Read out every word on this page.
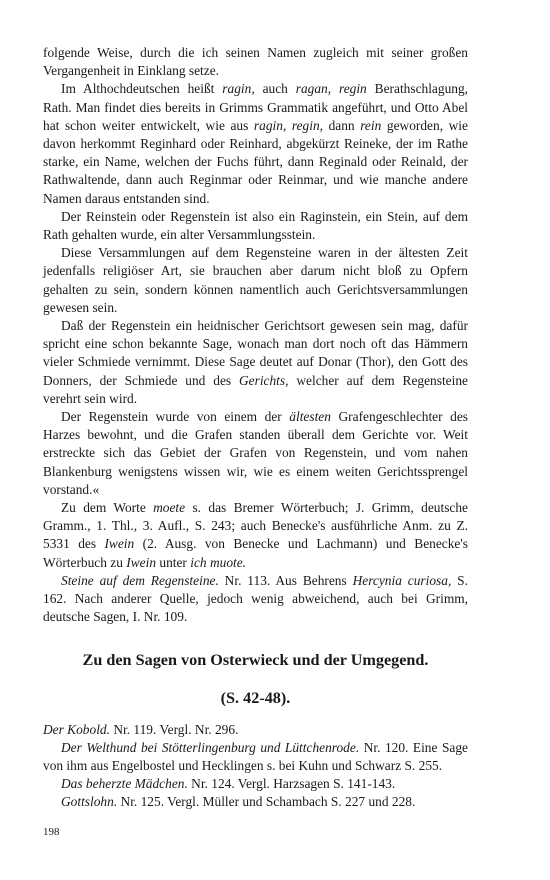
folgende Weise, durch die ich seinen Namen zugleich mit seiner großen Vergangenheit in Einklang setze.

Im Althochdeutschen heißt ragin, auch ragan, regin Berathschlagung, Rath. Man findet dies bereits in Grimms Grammatik angeführt, und Otto Abel hat schon weiter entwickelt, wie aus ragin, regin, dann rein geworden, wie davon herkommt Reginhard oder Reinhard, abgekürzt Reineke, der im Rathe starke, ein Name, welchen der Fuchs führt, dann Reginald oder Reinald, der Rathwaltende, dann auch Reginmar oder Reinmar, und wie manche andere Namen daraus entstanden sind.

Der Reinstein oder Regenstein ist also ein Raginstein, ein Stein, auf dem Rath gehalten wurde, ein alter Versammlungsstein.

Diese Versammlungen auf dem Regensteine waren in der ältesten Zeit jedenfalls religiöser Art, sie brauchen aber darum nicht bloß zu Opfern gehalten zu sein, sondern können namentlich auch Gerichtsversammlungen gewesen sein.

Daß der Regenstein ein heidnischer Gerichtsort gewesen sein mag, dafür spricht eine schon bekannte Sage, wonach man dort noch oft das Hämmern vieler Schmiede vernimmt. Diese Sage deutet auf Donar (Thor), den Gott des Donners, der Schmiede und des Gerichts, welcher auf dem Regensteine verehrt sein wird.

Der Regenstein wurde von einem der ältesten Grafengeschlechter des Harzes bewohnt, und die Grafen standen überall dem Gerichte vor. Weit erstreckte sich das Gebiet der Grafen von Regenstein, und vom nahen Blankenburg wenigstens wissen wir, wie es einem weiten Gerichtssprengel vorstand.«

Zu dem Worte moete s. das Bremer Wörterbuch; J. Grimm, deutsche Gramm., 1. Thl., 3. Aufl., S. 243; auch Benecke's ausführliche Anm. zu Z. 5331 des Iwein (2. Ausg. von Benecke und Lachmann) und Benecke's Wörterbuch zu Iwein unter ich muote.

Steine auf dem Regensteine. Nr. 113. Aus Behrens Hercynia curiosa, S. 162. Nach anderer Quelle, jedoch wenig abweichend, auch bei Grimm, deutsche Sagen, I. Nr. 109.

Zu den Sagen von Osterwieck und der Umgegend.
(S. 42-48).

Der Kobold. Nr. 119. Vergl. Nr. 296.

Der Welthund bei Stötterlingenburg und Lüttchenrode. Nr. 120. Eine Sage von ihm aus Engelbostel und Hecklingen s. bei Kuhn und Schwarz S. 255.

Das beherzte Mädchen. Nr. 124. Vergl. Harzsagen S. 141-143.

Gottslohn. Nr. 125. Vergl. Müller und Schambach S. 227 und 228.

198
